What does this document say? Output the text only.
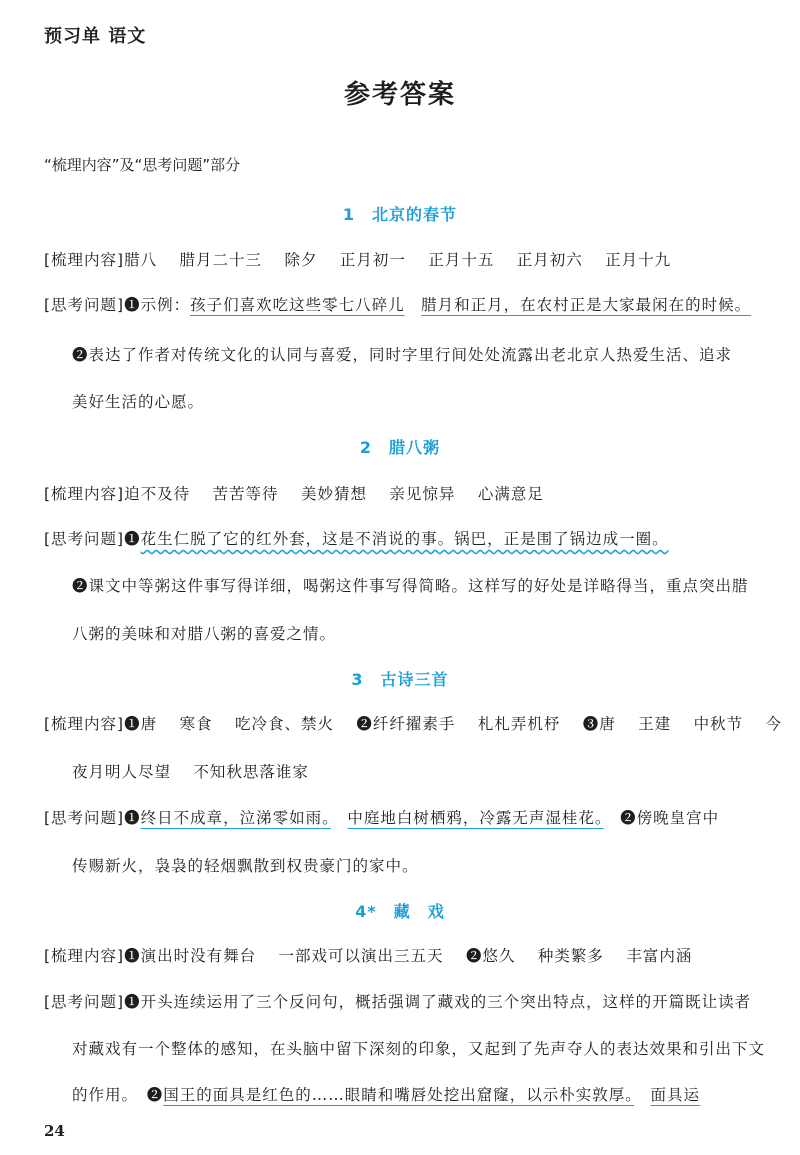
预习单 语文
参考答案
“梳理内容”及“思考问题”部分
1　北京的春节
[梳理内容]腊八　 腊月二十三　 除夕　 正月初一　 正月十五　 正月初六　 正月十九
[思考问题]❶示例：孩子们喜欢吃这些零七八碎儿　 腊月和正月，在农村正是大家最闲在的时候。
❷表达了作者对传统文化的认同与喜爱，同时字里行间处处流露出老北京人热爱生活、追求
美好生活的心愿。
2　腊八粥
[梳理内容]迫不及待　 苦苦等待　 美妙猜想　 亲见惊异　 心满意足
[思考问题]❶花生仁脱了它的红外套，这是不消说的事。锅巴，正是围了锅边成一圈。
❷课文中等粥这件事写得详细，喝粥这件事写得简略。这样写的好处是详略得当，重点突出腊
八粥的美味和对腊八粥的喜爱之情。
3　古诗三首
[梳理内容]❶唐　 寒食　 吃冷食、禁火　 ❷纤纤擢素手　 札札弄机杼　 ❸唐　 王建　 中秋节　 今
夜月明人尽望　 不知秋思落谁家
[思考问题]❶终日不成章，泣涕零如雨。　 中庭地白树栖鸦，冷露无声湿桂花。　❷傍晚皇宫中
传赐新火，袅袅的轻烟飘散到权贵豪门的家中。
4*　藏　戏
[梳理内容]❶演出时没有舞台　 一部戏可以演出三五天　 ❷悠久　 种类繁多　 丰富内涵
[思考问题]❶开头连续运用了三个反问句，概括强调了藏戏的三个突出特点，这样的开篇既让读者
对藏戏有一个整体的感知，在头脑中留下深刻的印象，又起到了先声夺人的表达效果和引出下文
的作用。　❷国王的面具是红色的……眼睛和嘴唇处挖出窟窿，以示朴实敦厚。　 面具运
24
